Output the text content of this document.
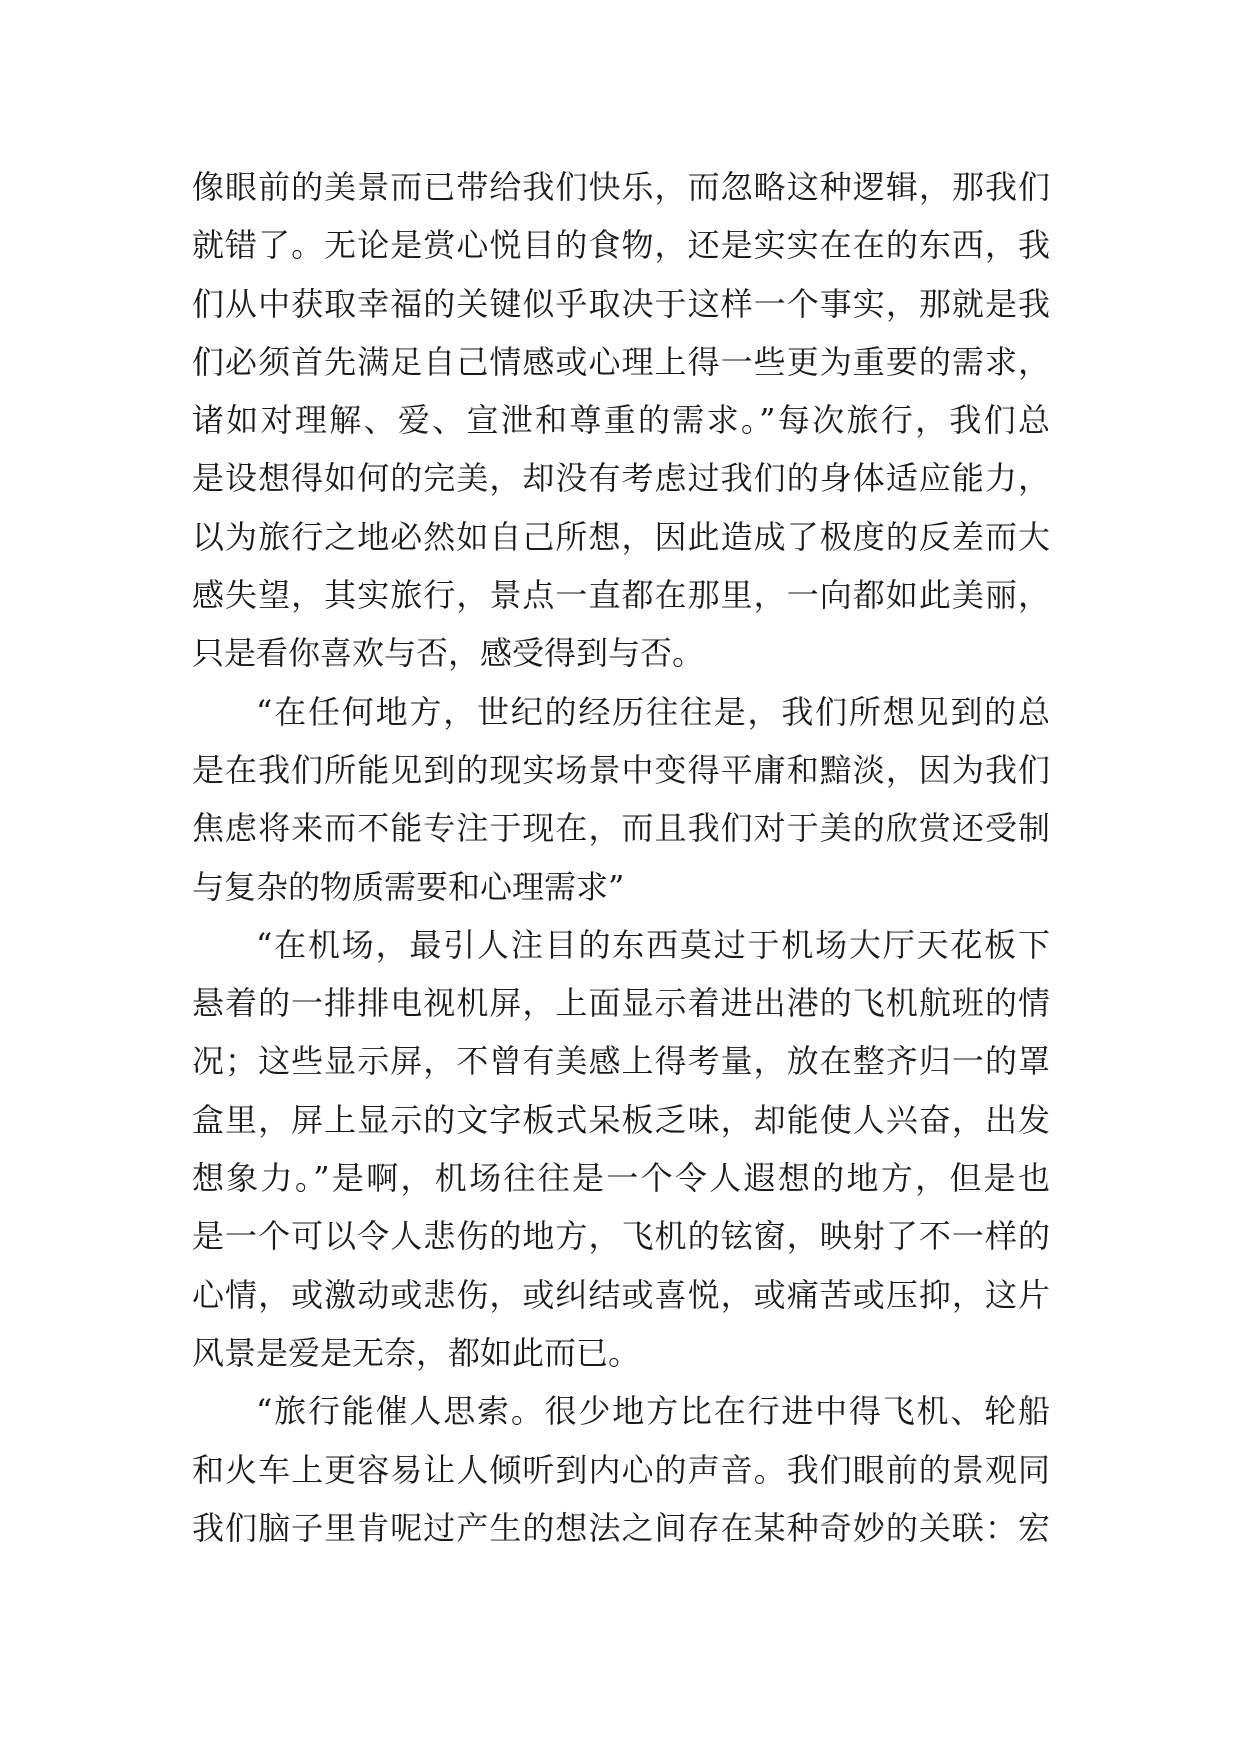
像眼前的美景而已带给我们快乐，而忽略这种逻辑，那我们
就错了。无论是赏心悦目的食物，还是实实在在的东西，我
们从中获取幸福的关键似乎取决于这样一个事实，那就是我
们必须首先满足自己情感或心理上得一些更为重要的需求，
诸如对理解、爱、宣泄和尊重的需求。”每次旅行，我们总
是设想得如何的完美，却没有考虑过我们的身体适应能力，
以为旅行之地必然如自己所想，因此造成了极度的反差而大
感失望，其实旅行，景点一直都在那里，一向都如此美丽，
只是看你喜欢与否，感受得到与否。
“在任何地方，世纪的经历往往是，我们所想见到的总
是在我们所能见到的现实场景中变得平庸和黯淡，因为我们
焦虑将来而不能专注于现在，而且我们对于美的欣赏还受制
与复杂的物质需要和心理需求”
“在机场，最引人注目的东西莫过于机场大厅天花板下
悬着的一排排电视机屏，上面显示着进出港的飞机航班的情
况；这些显示屏，不曾有美感上得考量，放在整齐归一的罩
盒里，屏上显示的文字板式呆板乏味，却能使人兴奋，出发
想象力。”是啊，机场往往是一个令人遐想的地方，但是也
是一个可以令人悲伤的地方，飞机的铉窗，映射了不一样的
心情，或激动或悲伤，或纠结或喜悦，或痛苦或压抑，这片
风景是爱是无奈，都如此而已。
“旅行能催人思索。很少地方比在行进中得飞机、轮船
和火车上更容易让人倾听到内心的声音。我们眼前的景观同
我们脑子里肯呢过产生的想法之间存在某种奇妙的关联：宏
